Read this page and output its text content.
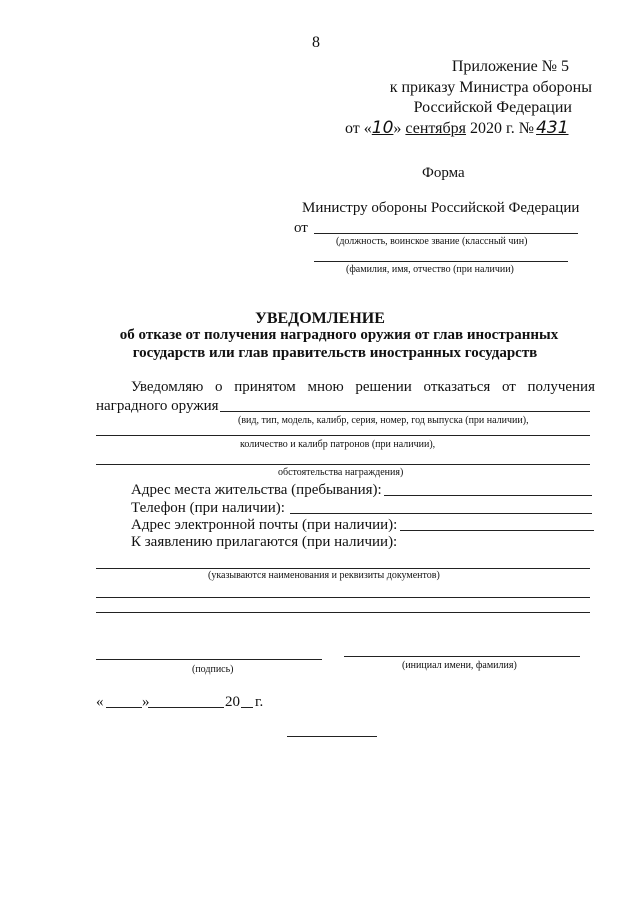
8
Приложение № 5
к приказу Министра обороны
Российской Федерации
от «10» сентября 2020 г. № 431
Форма
Министру обороны Российской Федерации
от
(должность, воинское звание (классный чин)
(фамилия, имя, отчество (при наличии)
УВЕДОМЛЕНИЕ
об отказе от получения наградного оружия от глав иностранных
государств или глав правительств иностранных государств
Уведомляю о принятом мною решении отказаться от получения
наградного оружия
(вид, тип, модель, калибр, серия, номер, год выпуска (при наличии),
количество и калибр патронов (при наличии),
обстоятельства награждения)
Адрес места жительства (пребывания):
Телефон (при наличии):
Адрес электронной почты (при наличии):
К заявлению прилагаются (при наличии):
(указываются наименования и реквизиты документов)
(подпись)	(инициал имени, фамилия)
«	»	20 г.
